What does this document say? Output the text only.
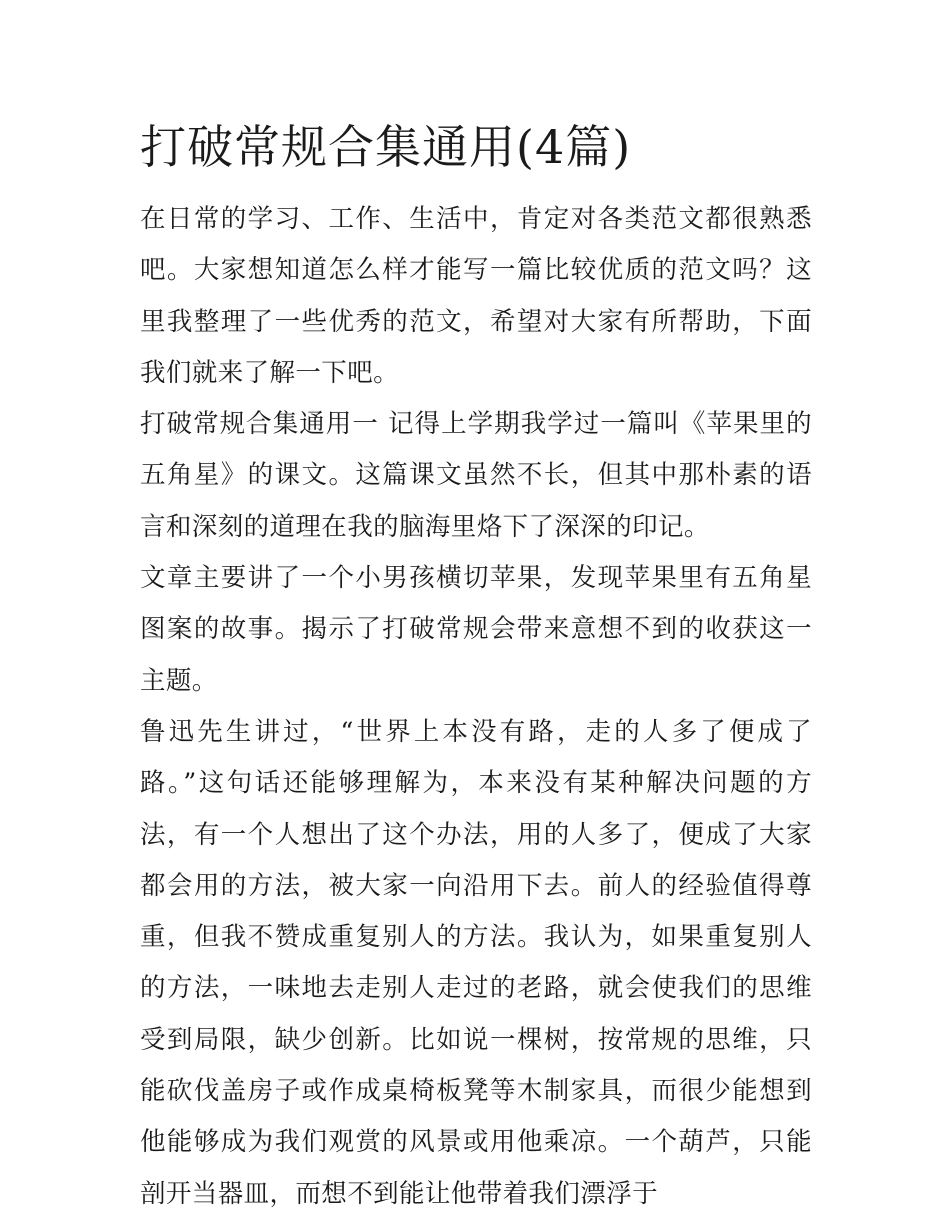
打破常规合集通用(4篇)

在日常的学习、工作、生活中，肯定对各类范文都很熟悉吧。大家想知道怎么样才能写一篇比较优质的范文吗？这里我整理了一些优秀的范文，希望对大家有所帮助，下面我们就来了解一下吧。

打破常规合集通用一 记得上学期我学过一篇叫《苹果里的五角星》的课文。这篇课文虽然不长，但其中那朴素的语言和深刻的道理在我的脑海里烙下了深深的印记。

文章主要讲了一个小男孩横切苹果，发现苹果里有五角星图案的故事。揭示了打破常规会带来意想不到的收获这一主题。

鲁迅先生讲过，“世界上本没有路，走的人多了便成了路。”这句话还能够理解为，本来没有某种解决问题的方法，有一个人想出了这个办法，用的人多了，便成了大家都会用的方法，被大家一向沿用下去。前人的经验值得尊重，但我不赞成重复别人的方法。我认为，如果重复别人的方法，一味地去走别人走过的老路，就会使我们的思维受到局限，缺少创新。比如说一棵树，按常规的思维，只能砍伐盖房子或作成桌椅板凳等木制家具，而很少能想到他能够成为我们观赏的风景或用他乘凉。一个葫芦，只能剖开当器皿，而想不到能让他带着我们漂浮于
